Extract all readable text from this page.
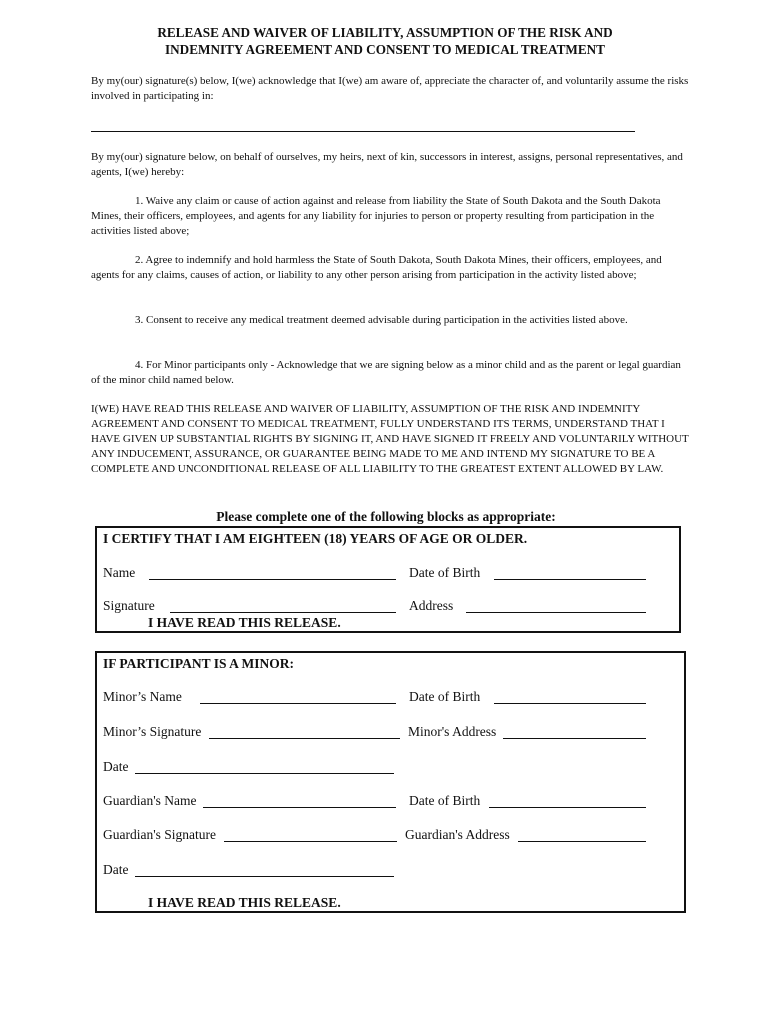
RELEASE AND WAIVER OF LIABILITY, ASSUMPTION OF THE RISK AND
INDEMNITY AGREEMENT AND CONSENT TO MEDICAL TREATMENT
By my(our) signature(s) below, I(we) acknowledge that I(we) am aware of, appreciate the character of, and voluntarily assume the risks involved in participating in:
By my(our) signature below, on behalf of ourselves, my heirs, next of kin, successors in interest, assigns, personal representatives, and agents, I(we) hereby:
1. Waive any claim or cause of action against and release from liability the State of South Dakota and the South Dakota Mines, their officers, employees, and agents for any liability for injuries to person or property resulting from participation in the activities listed above;
2. Agree to indemnify and hold harmless the State of South Dakota, South Dakota Mines, their officers, employees, and agents for any claims, causes of action, or liability to any other person arising from participation in the activity listed above;
3. Consent to receive any medical treatment deemed advisable during participation in the activities listed above.
4. For Minor participants only - Acknowledge that we are signing below as a minor child and as the parent or legal guardian of the minor child named below.
I(WE) HAVE READ THIS RELEASE AND WAIVER OF LIABILITY, ASSUMPTION OF THE RISK AND INDEMNITY AGREEMENT AND CONSENT TO MEDICAL TREATMENT, FULLY UNDERSTAND ITS TERMS, UNDERSTAND THAT I HAVE GIVEN UP SUBSTANTIAL RIGHTS BY SIGNING IT, AND HAVE SIGNED IT FREELY AND VOLUNTARILY WITHOUT ANY INDUCEMENT, ASSURANCE, OR GUARANTEE BEING MADE TO ME AND INTEND MY SIGNATURE TO BE A COMPLETE AND UNCONDITIONAL RELEASE OF ALL LIABILITY TO THE GREATEST EXTENT ALLOWED BY LAW.
Please complete one of the following blocks as appropriate:
I CERTIFY THAT I AM EIGHTEEN (18) YEARS OF AGE OR OLDER.
Name	Date of Birth
Signature	Address
I HAVE READ THIS RELEASE.
IF PARTICIPANT IS A MINOR:
Minor’s Name	Date of Birth
Minor’s Signature	Minor's Address
Date
Guardian's Name	Date of Birth
Guardian's Signature	Guardian's Address
Date
I HAVE READ THIS RELEASE.
